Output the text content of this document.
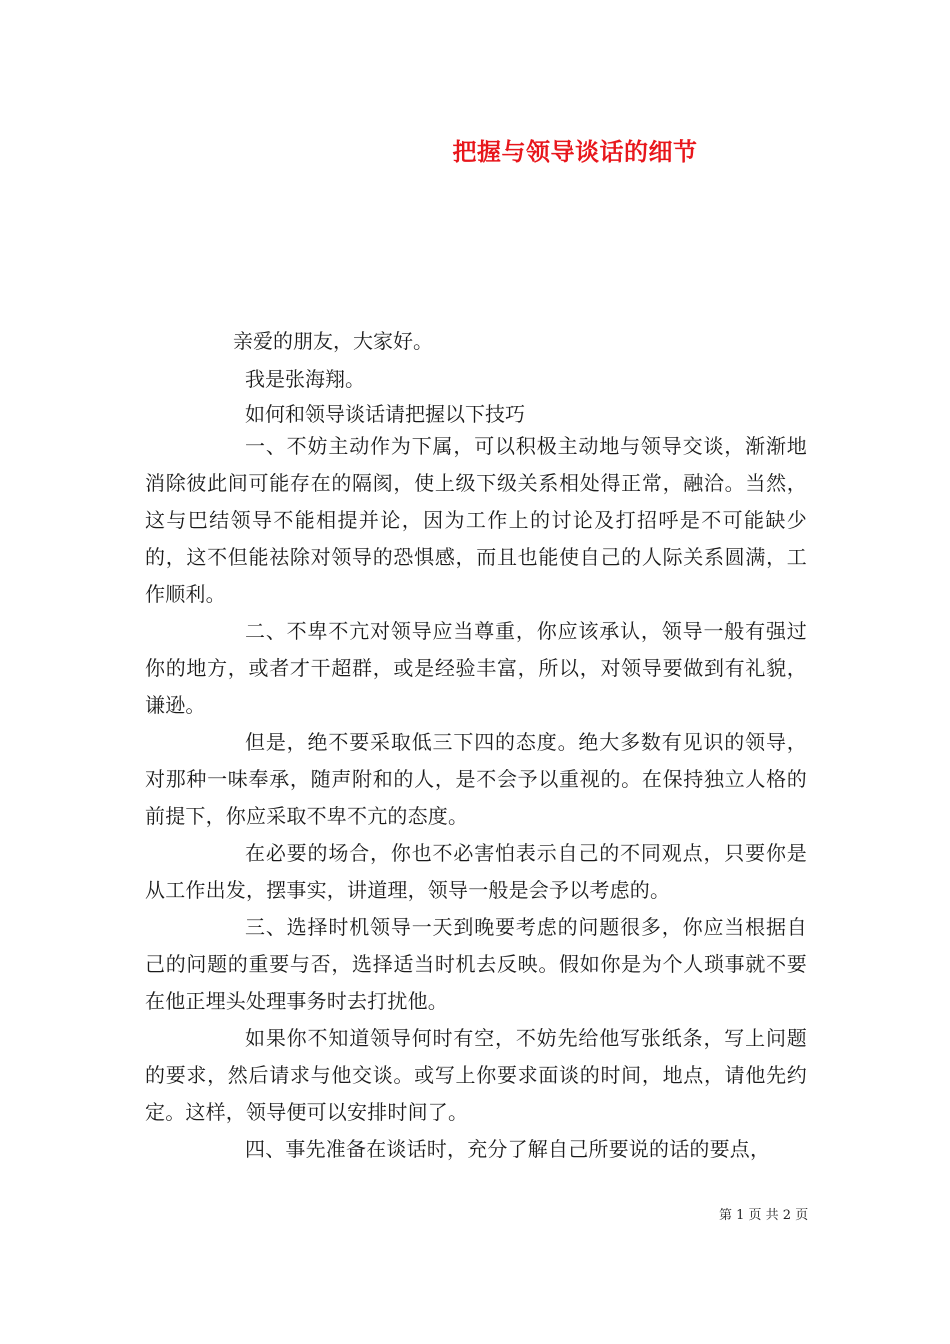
把握与领导谈话的细节
亲爱的朋友，大家好。
我是张海翔。
如何和领导谈话请把握以下技巧

一、不妨主动作为下属，可以积极主动地与领导交谈，渐渐地消除彼此间可能存在的隔阂，使上级下级关系相处得正常，融洽。当然，这与巴结领导不能相提并论，因为工作上的讨论及打招呼是不可能缺少的，这不但能祛除对领导的恐惧感，而且也能使自己的人际关系圆满，工作顺利。

二、不卑不亢对领导应当尊重，你应该承认，领导一般有强过你的地方，或者才干超群，或是经验丰富，所以，对领导要做到有礼貌，谦逊。

但是，绝不要采取低三下四的态度。绝大多数有见识的领导，对那种一味奉承，随声附和的人，是不会予以重视的。在保持独立人格的前提下，你应采取不卑不亢的态度。

在必要的场合，你也不必害怕表示自己的不同观点，只要你是从工作出发，摆事实，讲道理，领导一般是会予以考虑的。

三、选择时机领导一天到晚要考虑的问题很多，你应当根据自己的问题的重要与否，选择适当时机去反映。假如你是为个人琐事就不要在他正埋头处理事务时去打扰他。

如果你不知道领导何时有空，不妨先给他写张纸条，写上问题的要求，然后请求与他交谈。或写上你要求面谈的时间，地点，请他先约定。这样，领导便可以安排时间了。

四、事先准备在谈话时，充分了解自己所要说的话的要点，

第 1 页 共 2 页
